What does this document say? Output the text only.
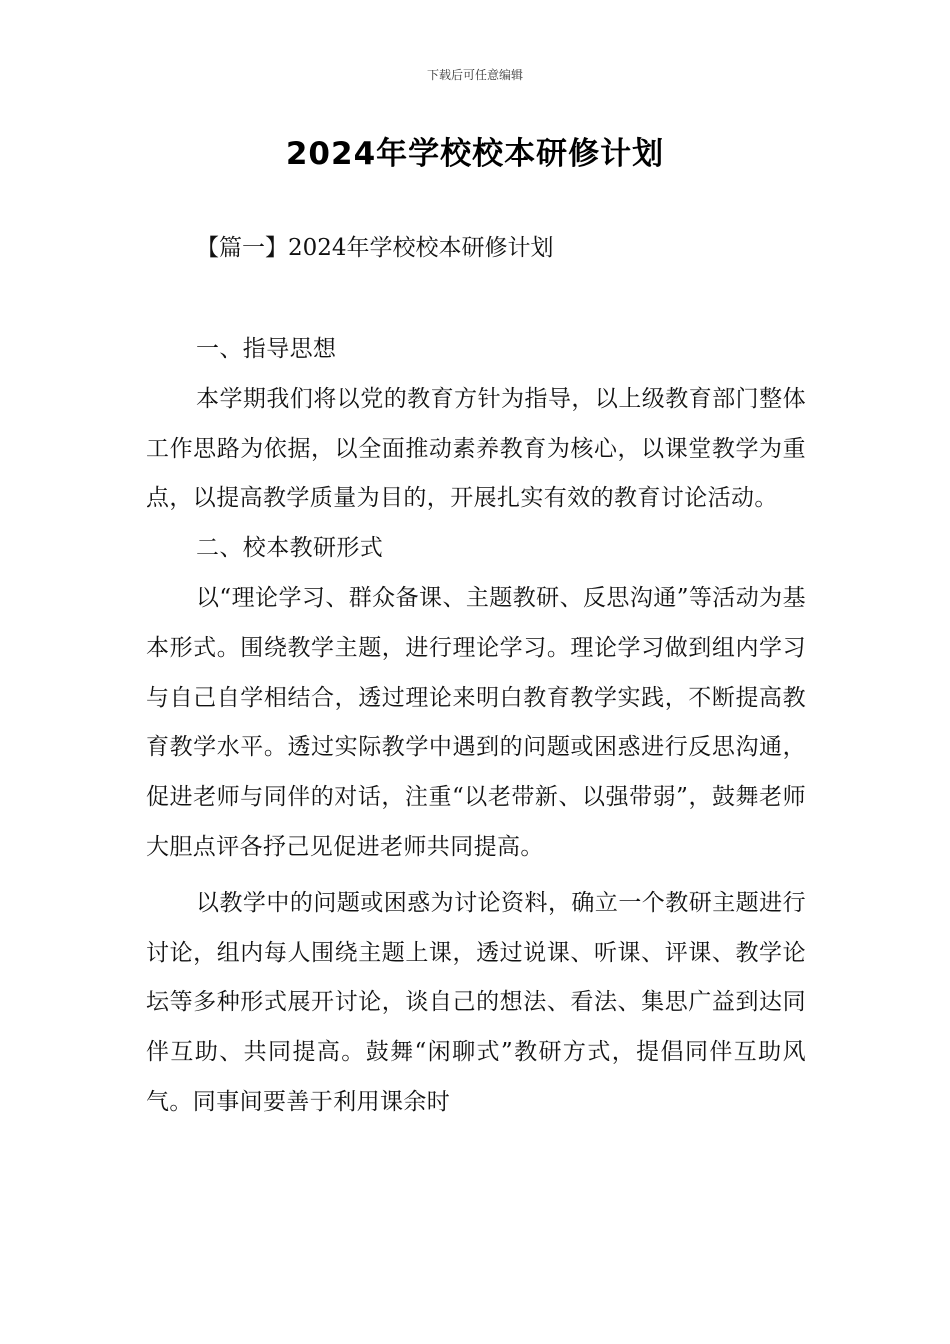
下载后可任意编辑
2024年学校校本研修计划
【篇一】2024年学校校本研修计划

一、指导思想

本学期我们将以党的教育方针为指导，以上级教育部门整体工作思路为依据，以全面推动素养教育为核心，以课堂教学为重点，以提高教学质量为目的，开展扎实有效的教育讨论活动。

二、校本教研形式

以“理论学习、群众备课、主题教研、反思沟通”等活动为基本形式。围绕教学主题，进行理论学习。理论学习做到组内学习与自己自学相结合，透过理论来明白教育教学实践，不断提高教育教学水平。透过实际教学中遇到的问题或困惑进行反思沟通，促进老师与同伴的对话，注重“以老带新、以强带弱”，鼓舞老师大胆点评各抒己见促进老师共同提高。

以教学中的问题或困惑为讨论资料，确立一个教研主题进行讨论，组内每人围绕主题上课，透过说课、听课、评课、教学论坛等多种形式展开讨论，谈自己的想法、看法、集思广益到达同伴互助、共同提高。鼓舞“闲聊式”教研方式，提倡同伴互助风气。同事间要善于利用课余时
